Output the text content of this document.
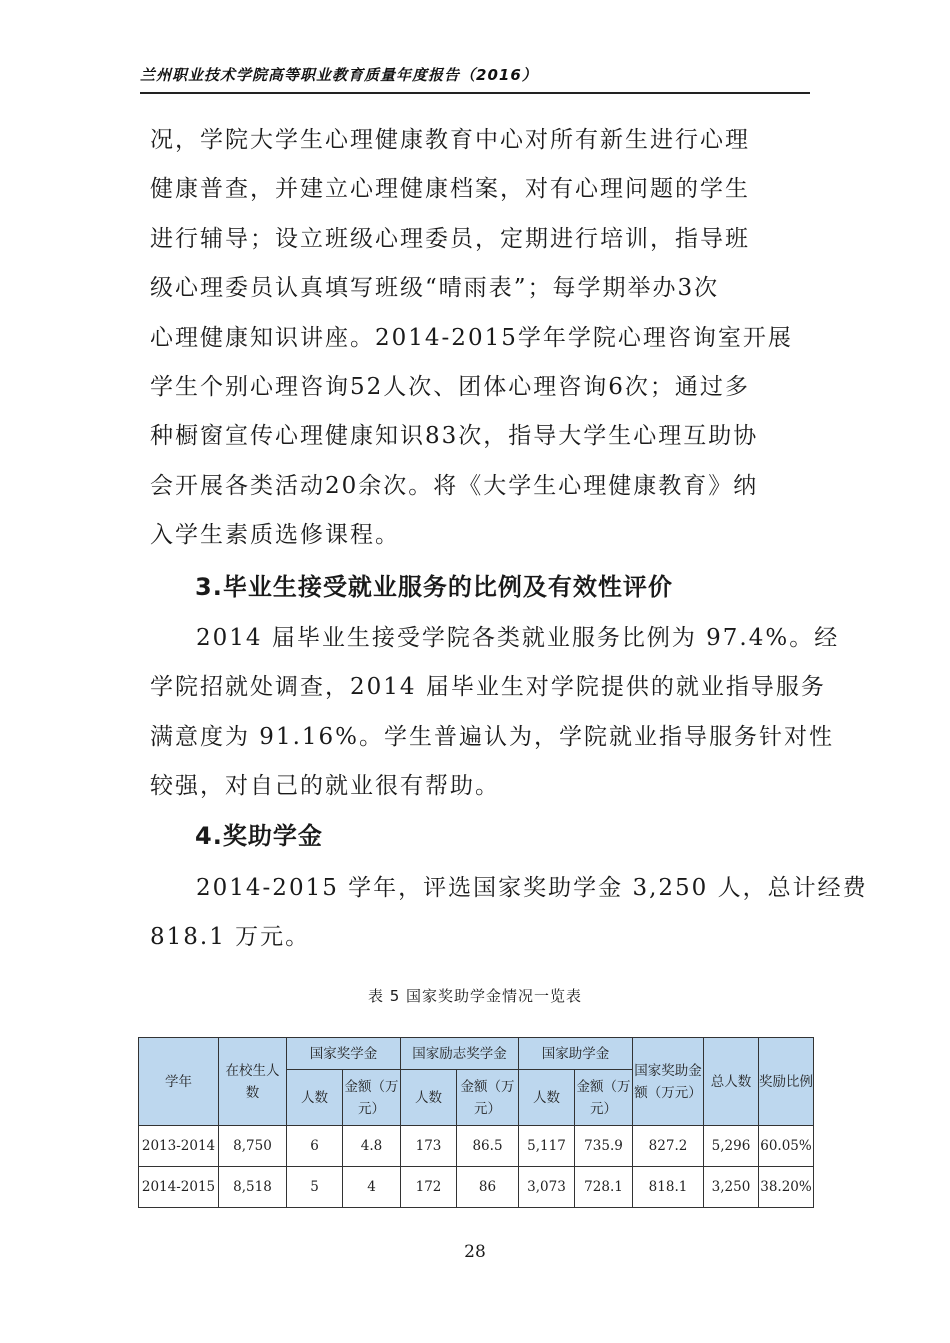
兰州职业技术学院高等职业教育质量年度报告（2016）
况，学院大学生心理健康教育中心对所有新生进行心理
健康普查，并建立心理健康档案，对有心理问题的学生
进行辅导；设立班级心理委员，定期进行培训，指导班
级心理委员认真填写班级“晴雨表”；每学期举办3次
心理健康知识讲座。2014-2015学年学院心理咨询室开展
学生个别心理咨询52人次、团体心理咨询6次；通过多
种橱窗宣传心理健康知识83次，指导大学生心理互助协
会开展各类活动20余次。将《大学生心理健康教育》纳
入学生素质选修课程。
3.毕业生接受就业服务的比例及有效性评价
2014 届毕业生接受学院各类就业服务比例为 97.4%。经
学院招就处调查，2014 届毕业生对学院提供的就业指导服务
满意度为 91.16%。学生普遍认为，学院就业指导服务针对性
较强，对自己的就业很有帮助。
4.奖助学金
2014-2015 学年，评选国家奖助学金 3,250 人，总计经费
818.1 万元。
表 5 国家奖助学金情况一览表
学年	在校生人数	国家奖学金		国家励志奖学金		国家助学金		国家奖助金额（万元）	总人数	奖励比例
		人数	金额（万元）	人数	金额（万元）	人数	金额（万元）			
2013-2014	8,750	6	4.8	173	86.5	5,117	735.9	827.2	5,296	60.05%
2014-2015	8,518	5	4	172	86	3,073	728.1	818.1	3,250	38.20%
28
